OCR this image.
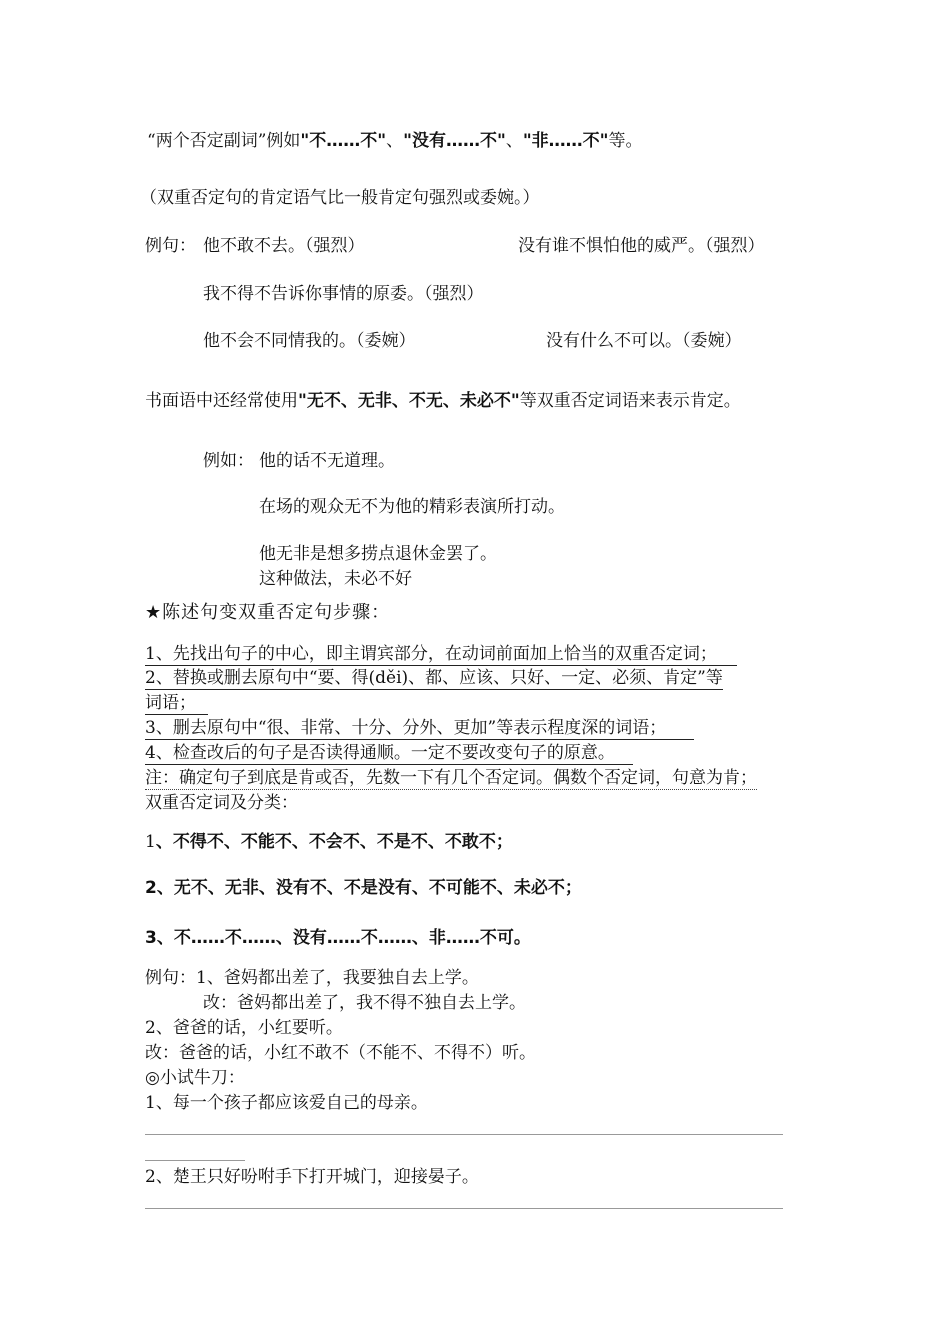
“两个否定副词”例如"不……不"、"没有……不"、"非……不"等。
（双重否定句的肯定语气比一般肯定句强烈或委婉。）
例句： 他不敢不去。（强烈）	没有谁不惧怕他的威严。（强烈）
我不得不告诉你事情的原委。（强烈）
他不会不同情我的。（委婉）	没有什么不可以。（委婉）
书面语中还经常使用"无不、无非、不无、未必不"等双重否定词语来表示肯定。
例如： 他的话不无道理。
在场的观众无不为他的精彩表演所打动。
他无非是想多捞点退休金罢了。
这种做法，未必不好
★陈述句变双重否定句步骤：
1、先找出句子的中心，即主谓宾部分，在动词前面加上恰当的双重否定词；
2、替换或删去原句中“要、得(děi)、都、应该、只好、一定、必须、肯定”等
词语；
3、删去原句中“很、非常、十分、分外、更加”等表示程度深的词语；
4、检查改后的句子是否读得通顺。一定不要改变句子的原意。
注：确定句子到底是肯或否，先数一下有几个否定词。偶数个否定词，句意为肯；
双重否定词及分类：
1、不得不、不能不、不会不、不是不、不敢不；
2、无不、无非、没有不、不是没有、不可能不、未必不；
3、不……不……、没有……不……、非……不可。
例句：1、爸妈都出差了，我要独自去上学。
改：爸妈都出差了，我不得不独自去上学。
2、爸爸的话，小红要听。
改：爸爸的话，小红不敢不（不能不、不得不）听。
◎小试牛刀：
1、每一个孩子都应该爱自己的母亲。
2、楚王只好吩咐手下打开城门，迎接晏子。
